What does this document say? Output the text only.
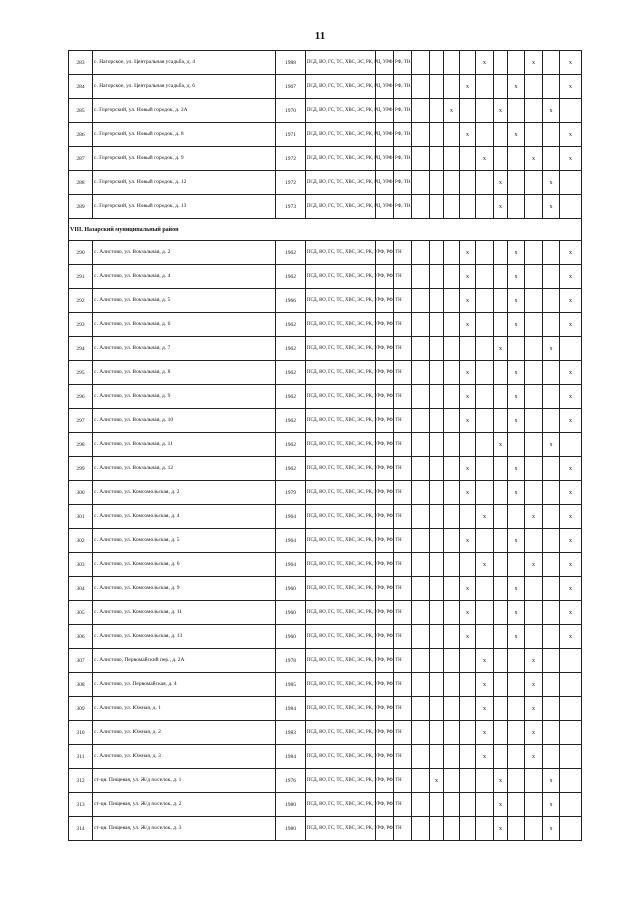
11
283	с. Нагорское, ул. Центральная усадьба, д. 4	1988	ПСД, ВО, ГС, ТС, ХВС, ЭС, РК, РЦ, УРФ, РФ, ТН							х			х		х
284	с. Нагорское, ул. Центральная усадьба, д. 6	1967	ПСД, ВО, ГС, ТС, ХВС, ЭС, РК, РЦ, УРФ, РФ, ТН						х			х			х
285	с. Горгорский, ул. Новый городок, д. 2А	1970	ПСД, ВО, ГС, ТС, ХВС, ЭС, РК, РЦ, УРФ, РФ, ТН					х			х			х	
286	с. Горгорский, ул. Новый городок, д. 8	1971	ПСД, ВО, ГС, ТС, ХВС, ЭС, РК, РЦ, УРФ, РФ, ТН						х			х			х
287	с. Горгорский, ул. Новый городок, д. 9	1972	ПСД, ВО, ГС, ТС, ХВС, ЭС, РК, РЦ, УРФ, РФ, ТН							х			х		х
288	с. Горгорский, ул. Новый городок, д. 12	1972	ПСД, ВО, ГС, ТС, ХВС, ЭС, РК, РЦ, УРФ, РФ, ТН								х			х	
289	с. Горгорский, ул. Новый городок, д. 13	1973	ПСД, ВО, ГС, ТС, ХВС, ЭС, РК, РЦ, УРФ, РФ, ТН								х			х	
VIII. Назарский муниципальный район															
290	с. Алистово, ул. Вокзальная, д. 2	1962	ПСД, ВО, ГС, ТС, ХВС, ЭС, РК, УРФ, РФ, ТН						х			х			х
291	с. Алистово, ул. Вокзальная, д. 4	1962	ПСД, ВО, ГС, ТС, ХВС, ЭС, РК, УРФ, РФ, ТН						х			х			х
292	с. Алистово, ул. Вокзальная, д. 5	1966	ПСД, ВО, ГС, ТС, ХВС, ЭС, РК, УРФ, РФ, ТН						х			х			х
293	с. Алистово, ул. Вокзальная, д. 6	1962	ПСД, ВО, ГС, ТС, ХВС, ЭС, РК, УРФ, РФ, ТН						х			х			х
294	с. Алистово, ул. Вокзальная, д. 7	1962	ПСД, ВО, ГС, ТС, ХВС, ЭС, РК, УРФ, РФ, ТН								х			х	
295	с. Алистово, ул. Вокзальная, д. 8	1962	ПСД, ВО, ГС, ТС, ХВС, ЭС, РК, УРФ, РФ, ТН						х			х			х
296	с. Алистово, ул. Вокзальная, д. 9	1962	ПСД, ВО, ГС, ТС, ХВС, ЭС, РК, УРФ, РФ, ТН						х			х			х
297	с. Алистово, ул. Вокзальная, д. 10	1962	ПСД, ВО, ГС, ТС, ХВС, ЭС, РК, УРФ, РФ, ТН						х			х			х
298	с. Алистово, ул. Вокзальная, д. 11	1962	ПСД, ВО, ГС, ТС, ХВС, ЭС, РК, УРФ, РФ, ТН								х			х	
299	с. Алистово, ул. Вокзальная, д. 12	1962	ПСД, ВО, ГС, ТС, ХВС, ЭС, РК, УРФ, РФ, ТН						х			х			х
300	с. Алистово, ул. Комсомольская, д. 2	1979	ПСД, ВО, ГС, ТС, ХВС, ЭС, РК, УРФ, РФ, ТН						х			х			х
301	с. Алистово, ул. Комсомольская, д. 4	1964	ПСД, ВО, ГС, ТС, ХВС, ЭС, РК, УРФ, РФ, ТН							х			х		х
302	с. Алистово, ул. Комсомольская, д. 5	1964	ПСД, ВО, ГС, ТС, ХВС, ЭС, РК, УРФ, РФ, ТН						х			х			х
303	с. Алистово, ул. Комсомольская, д. 6	1964	ПСД, ВО, ГС, ТС, ХВС, ЭС, РК, УРФ, РФ, ТН							х			х		х
304	с. Алистово, ул. Комсомольская, д. 9	1960	ПСД, ВО, ГС, ТС, ХВС, ЭС, РК, УРФ, РФ, ТН						х			х			х
305	с. Алистово, ул. Комсомольская, д. 11	1960	ПСД, ВО, ГС, ТС, ХВС, ЭС, РК, УРФ, РФ, ТН						х			х			х
306	с. Алистово, ул. Комсомольская, д. 13	1960	ПСД, ВО, ГС, ТС, ХВС, ЭС, РК, УРФ, РФ, ТН						х			х			х
307	с. Алистово, Первомайский пер., д. 2А	1978	ПСД, ВО, ГС, ТС, ХВС, ЭС, РК, УРФ, РФ, ТН							х			х		
308	с. Алистово, ул. Первомайская, д. 4	1985	ПСД, ВО, ГС, ТС, ХВС, ЭС, РК, УРФ, РФ, ТН							х			х		
309	с. Алистово, ул. Южная, д. 1	1984	ПСД, ВО, ГС, ТС, ХВС, ЭС, РК, УРФ, РФ, ТН							х			х		
310	с. Алистово, ул. Южная, д. 2	1983	ПСД, ВО, ГС, ТС, ХВС, ЭС, РК, УРФ, РФ, ТН							х			х		
311	с. Алистово, ул. Южная, д. 3	1984	ПСД, ВО, ГС, ТС, ХВС, ЭС, РК, УРФ, РФ, ТН							х			х		
312	ст-ця. Пищевая, ул. Ж/д поселок, д. 1	1976	ПСД, ВО, ГС, ТС, ХВС, ЭС, РК, УРФ, РФ, ТН				х				х			х	
313	ст-ця. Пищевая, ул. Ж/д поселок, д. 2	1980	ПСД, ВО, ГС, ТС, ХВС, ЭС, РК, УРФ, РФ, ТН								х			х	
314	ст-ця. Пищевая, ул. Ж/д поселок, д. 3	1980	ПСД, ВО, ГС, ТС, ХВС, ЭС, РК, УРФ, РФ, ТН								х			х	
